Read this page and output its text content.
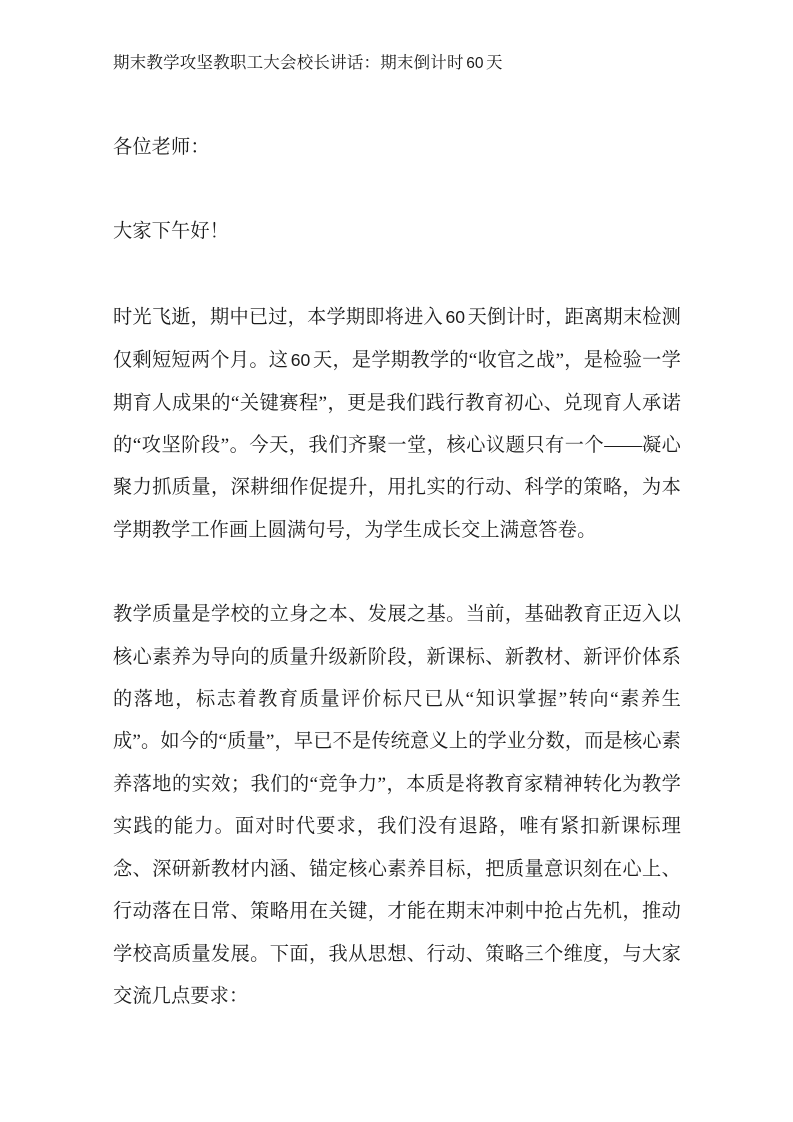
期末教学攻坚教职工大会校长讲话：期末倒计时 60 天

各位老师：

大家下午好！

时光飞逝，期中已过，本学期即将进入 60 天倒计时，距离期末检测仅剩短短两个月。这 60 天，是学期教学的“收官之战”，是检验一学期育人成果的“关键赛程”，更是我们践行教育初心、兑现育人承诺的“攻坚阶段”。今天，我们齐聚一堂，核心议题只有一个——凝心聚力抓质量，深耕细作促提升，用扎实的行动、科学的策略，为本学期教学工作画上圆满句号，为学生成长交上满意答卷。

教学质量是学校的立身之本、发展之基。当前，基础教育正迈入以核心素养为导向的质量升级新阶段，新课标、新教材、新评价体系的落地，标志着教育质量评价标尺已从“知识掌握”转向“素养生成”。如今的“质量”，早已不是传统意义上的学业分数，而是核心素养落地的实效；我们的“竞争力”，本质是将教育家精神转化为教学实践的能力。面对时代要求，我们没有退路，唯有紧扣新课标理念、深研新教材内涵、锚定核心素养目标，把质量意识刻在心上、行动落在日常、策略用在关键，才能在期末冲刺中抢占先机，推动学校高质量发展。下面，我从思想、行动、策略三个维度，与大家交流几点要求：
